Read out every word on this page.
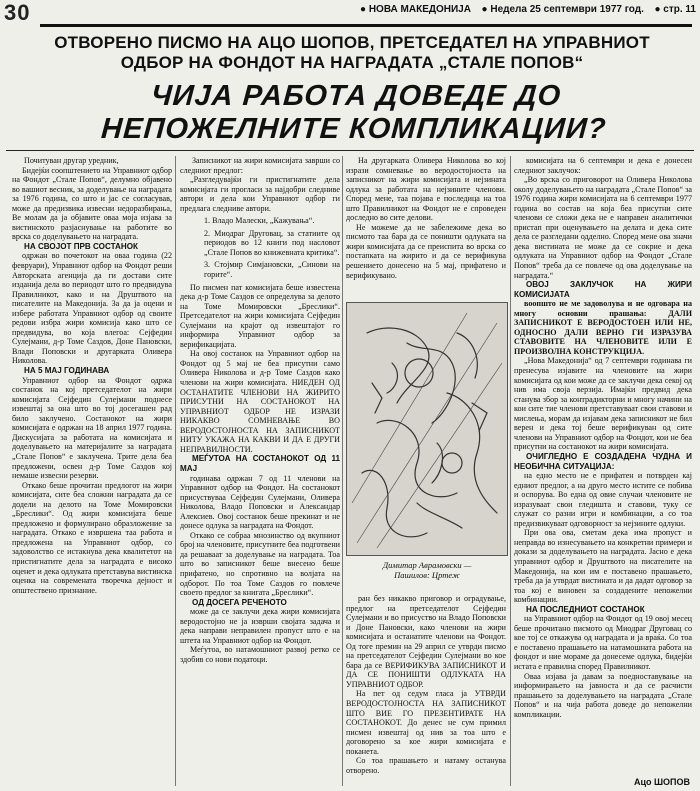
30	● НОВА МАКЕДОНИЈА ● Недела 25 септември 1977 год. ● стр. 11
ОТВОРЕНО ПИСМО НА АЦО ШОПОВ, ПРЕТСЕДАТЕЛ НА УПРАВНИОТ ОДБОР НА ФОНДОТ НА НАГРАДАТА „СТАЛЕ ПОПОВ“
ЧИЈА РАБОТА ДОВЕДЕ ДО НЕПОЖЕЛНИТЕ КОМПЛИКАЦИИ?

Почитуван другар уредник,

Бидејќи соопштението на Управниот одбор на Фондот „Стале Попов“, делумно објавено во вашиот весник, за доделување на наградата за 1976 година, со што и јас се согласував, може да предизвика извесни недоразбирања, Ве молам да ја објавите оваа моја изјава за вистинското разјаснување на работите во врска со доделувањето на наградата.

НА СВОЈОТ ПРВ СОСТАНОК

одржан во почетокот на оваа година (22 февруари), Управниот одбор на Фондот реши Авторската агенција да ги достави сите изданија дела во периодот што го предвидува Правилникот, како и на Друштвото на писателите на Македонија. За да ја оцени и избере работата Управниот одбор од своите редови избра жири комисија како што се предвидува, во која влегоа: Сејфедин Сулејмани, д-р Томе Саздов, Доне Пановски, Влади Поповски и другарката Оливера Николова.

НА 5 МАЈ ГОДИНАВА

Управниот одбор на Фондот одржа состанок на кој претседателот на жири комисијата Сејфедин Сулејмани поднесе извештај за она што во тој досегашен рад било заклучено. Состанокот на жири комисијата е одржан на 18 април 1977 година. Дискусијата за работата на комисијата и доделувањето на материјалите за наградата „Стале Попов“ е заклучена. Трите дела беа предложени, освен д-р Томе Саздов кој немаше извесни резерви.

Откако беше прочитан предлогот на жири комисијата, сите беа сложни наградата да се додели на делото на Томе Момировски „Бреслики“. Од жири комисијата беше предложено и формулирано образложение за наградата. Откако е извршена таа работа и предложена на Управниот одбор, со задоволство се истакнува дека квалитетот на пристигнатите дела за наградата е високо оценет и дека одлуката претставува вистинска оценка на современата творечка дејност и општествено признание.

Записникот на жири комисијата заврши со следниот предлог:

„Разгледувајќи ги пристигнатите дела комисијата ги прогласи за најдобри следниве автори и дела кои Управниот одбор ги предлага следниве автори.

1. Владо Малески, „Кажувања“.

2. Миодраг Друговац, за статиите од периодов во 12 книги под насловот „Стале Попов во книжевната критика“.

3. Стојмир Симјановски, „Синови на горите“.

По писмен пат комисијата беше известена дека д-р Томе Саздов се определува за делото на Томе Момировски „Бреслики“. Претседателот на жири комисијата Сејфедин Сулејмани на крајот од извештајот го информира Управниот одбор за верификацијата.

На овој состанок на Управниот одбор на Фондот од 5 мај не беа присутни само Оливера Николова и д-р Томе Саздов како членови на жири комисијата. НИЕДЕН ОД ОСТАНАТИТЕ ЧЛЕНОВИ НА ЖИРИТО ПРИСУТНИ НА СОСТАНОКОТ НА УПРАВНИОТ ОДБОР НЕ ИЗРАЗИ НИКАКВО СОМНЕВАЊЕ ВО ВЕРОДОСТОЈНОСТА НА ЗАПИСНИКОТ НИТУ УКАЖА НА КАКВИ И ДА Е ДРУГИ НЕПРАВИЛНОСТИ.

МЕЃУТОА НА СОСТАНОКОТ ОД 11 МАЈ

годинава одржан 7 од 11 членови на Управниот одбор на Фондот. На состанокот присуствуваа Сејфедин Сулејмани, Оливера Николова, Владо Поповски и Александар Алексиев. Овој состанок беше прекинат и не донесе одлука за наградата на Фондот.

Откако се собраа мнозинство од вкупниот број на членовите, присутните беа подготвени да решаваат за доделување на наградата. Тоа што во записникот беше внесено беше прифатено, но спротивно на волјата на одборот. По тоа Томе Саздов го повлече своето предлог за книгата „Бреслики“.

ОД ДОСЕГА РЕЧЕНОТО

може да се заклучи дека жири комисијата веродостојно не ја изврши својата задача и дека направи неправилен пропуст што е на штета на Управниот одбор на Фондот.

Меѓутоа, во натамошниот развој ретко се здобив со нови податоци.

На другарката Оливера Николова во кој изрази сомневање во веродостојноста на записникот на жири комисијата и нејзината одлука за работата на нејзините членови. Според мене, таа појава е последица на тоа што Правилникот на Фондот не е спроведен доследно во сите делови.

Не можеме да не забележиме дека во писмото таа бара да се поништи одлуката на жири комисијата да се преиспита во врска со постапката на жирито и да се верификува решението донесено на 5 мај, прифатено и верификувано.

Димитар Аврамовски —
Пашилов: Цртеж

ран без никакво приговор и оградување, предлог на претседателот Сејфедин Сулејмани и во присуство на Владо Поповски и Доне Пановски, како членови на жири комисијата и останатите членови на Фондот. Од тоге премин на 29 април се утврди писмо на претседателот Сејфедин Сулејмани во кое бара да се ВЕРИФИКУВА ЗАПИСНИКОТ И ДА СЕ ПОНИШТИ ОДЛУКАТА НА УПРАВНИОТ ОДБОР.

На пет од седум гласа ја УТВРДИ ВЕРОДОСТОЈНОСТА НА ЗАПИСНИКОТ ШТО ВИЕ ГО ПРЕЗЕНТИРАТЕ НА СОСТАНОКОТ. До денес не сум примил писмен извештај од нив за тоа што е договорено за кое жири комисијата е поканета.

Со тоа прашањето и натаму останува отворено.

комисијата на 6 септември и дека е донесен следниот заклучок:

„Во врска со приговорот на Оливера Николова околу доделувањето на наградата „Стале Попов“ за 1976 година жири комисијата на 6 септември 1977 година во состав на која беа присутни сите членови се сложи дека не е направен аналитички пристап при оценувањето на делата и дека сите дела се разгледани одделно. Според мене ова значи дека вистината не може да се сокрие и дека одлуката на Управниот одбор на Фондот „Стале Попов“ треба да се повлече од ова доделување на наградата.“

ОВОЈ ЗАКЛУЧОК НА ЖИРИ КОМИСИЈАТА

воопшто не ме задоволува и не одговара на многу основни прашања: ДАЛИ ЗАПИСНИКОТ Е ВЕРОДОСТОЕН ИЛИ НЕ, ОДНОСНО ДАЛИ ВЕРНО ГИ ИЗРАЗУВА СТАВОВИТЕ НА ЧЛЕНОВИТЕ ИЛИ Е ПРОИЗВОЛНА КОНСТРУКЦИЈА.

„Нова Македонија“ од 7 септември годинава ги пренесува изјавите на членовите на жири комисијата од кои може да се заклучи дека секој од нив има своја верзија. Имајќи предвид дека станува збор за контрадикторни и многу начини на кои сите тие членови претставуваат свои ставови и мислења, морам да изјавам дека записникот не бил верен и дека тој беше верификуван од сите членови на Управниот одбор на Фондот, кои не беа присутни на состанокот на жири комисијата.

ОЧИГЛЕДНО Е СОЗДАДЕНА ЧУДНА И НЕОБИЧНА СИТУАЦИЈА:

на едно место не е прифатен и потврден кај едниот предлог, а на друго место истите се побива и оспорува. Во една од овие случаи членовите не изразуваат свои гледишта и ставови, туку се служат со разни игри и комбинации, а со тоа предизвикуваат одговорност за нејзините одлуки.

При ова ова, сметам дека има пропуст и неправда во изнесувањето на конкретни примери и докази за доделувањето на наградата. Јасно е дека управниот одбор и Друштвото на писателите на Македонија, на кои им е поставено прашањето, треба да ја утврдат вистината и да дадат одговор за тоа кој е виновен за создадените непожелни комбинации.

НА ПОСЛЕДНИОТ СОСТАНОК

на Управниот одбор на Фондот од 19 овој месец беше прочитано писмото од Миодраг Друговац со кое тој се откажува од наградата и ја враќа. Со тоа е поставено прашањето на натамошната работа на фондот и ние мораме да донесеме одлука, бидејќи истата е правилна според Правилникот.

Оваа изјава ја давам за поедноставување на информирањето на јавноста и да се расчисти прашањето за доделувањето на наградата „Стале Попов“ и на чија работа доведе до непожелни компликации.

Ацо ШОПОВ
